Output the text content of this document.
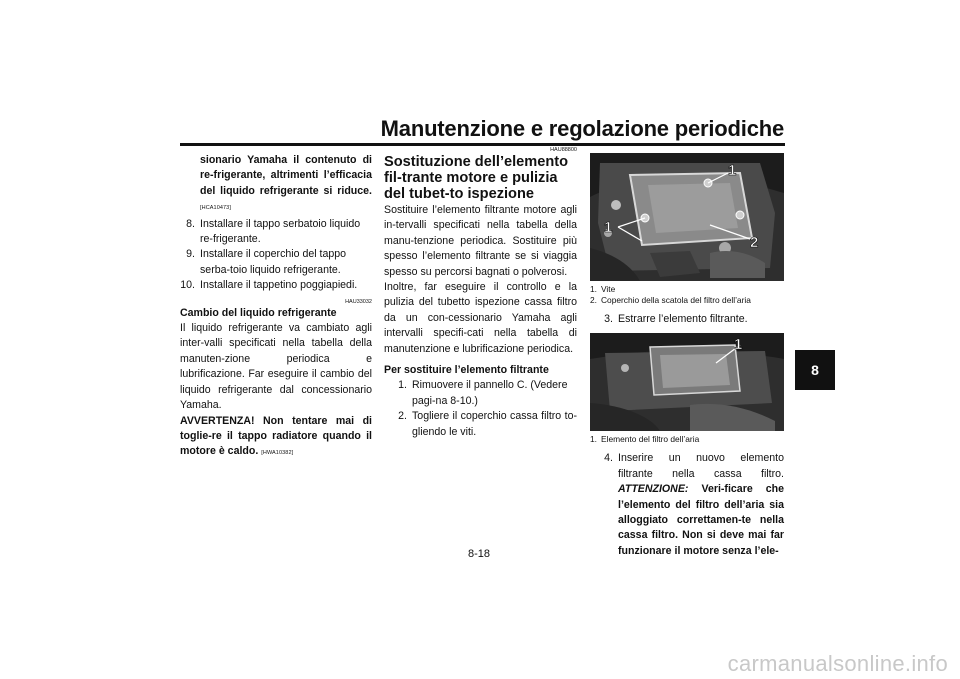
Manutenzione e regolazione periodiche
8

sionario Yamaha il contenuto di re-frigerante, altrimenti l’efficacia del liquido refrigerante si riduce. [HCA10473]

8. Installare il tappo serbatoio liquido re-frigerante.
9. Installare il coperchio del tappo serba-toio liquido refrigerante.
10. Installare il tappetino poggiapiedi.
HAU33032

Cambio del liquido refrigerante

Il liquido refrigerante va cambiato agli inter-valli specificati nella tabella della manuten-zione periodica e lubrificazione. Far eseguire il cambio del liquido refrigerante dal concessionario Yamaha.

AVVERTENZA! Non tentare mai di toglie-re il tappo radiatore quando il motore è caldo. [HWA10382]

HAU88800

Sostituzione dell’elemento fil-trante motore e pulizia del tubet-to ispezione

Sostituire l’elemento filtrante motore agli in-tervalli specificati nella tabella della manu-tenzione periodica. Sostituire più spesso l’elemento filtrante se si viaggia spesso su percorsi bagnati o polverosi.

Inoltre, far eseguire il controllo e la pulizia del tubetto ispezione cassa filtro da un con-cessionario Yamaha agli intervalli specifi-cati nella tabella di manutenzione e lubrificazione periodica.

Per sostituire l’elemento filtrante

1. Rimuovere il pannello C. (Vedere pagi-na 8-10.)
2. Togliere il coperchio cassa filtro to-gliendo le viti.
1
1
2
1. Vite
2. Coperchio della scatola del filtro dell’aria
3. Estrarre l’elemento filtrante.
1
1. Elemento del filtro dell’aria
4. Inserire un nuovo elemento filtrante nella cassa filtro. ATTENZIONE: Veri-ficare che l’elemento del filtro dell’aria sia alloggiato correttamen-te nella cassa filtro. Non si deve mai far funzionare il motore senza l’ele-
8-18
carmanualsonline.info
